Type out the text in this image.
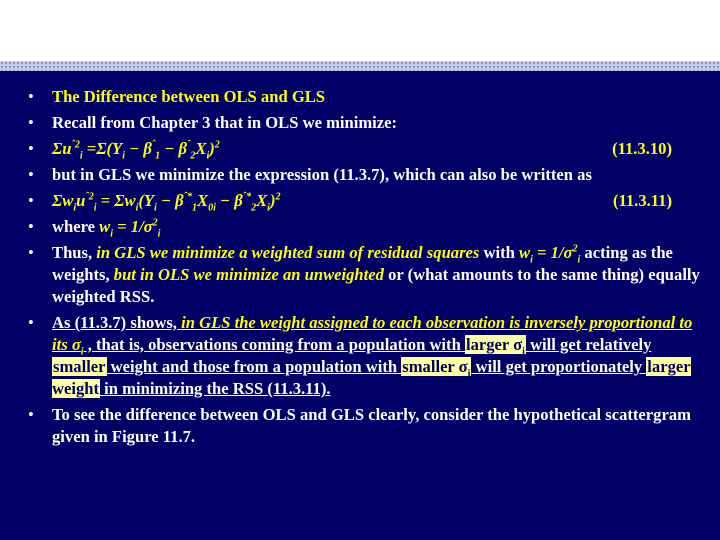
• The Difference between OLS and GLS
• Recall from Chapter 3 that in OLS we minimize:
• $\Sigma u^{ˆ2}_i =\Sigma(Y_i - \beta^ˆ_1 - \beta^ˆ_2X_i)^2$	(11.3.10)
• but in GLS we minimize the expression (11.3.7), which can also be written as
• $\Sigma w_iu^{ˆ2}_i = \Sigma w_i(Y_i - \beta^{ˆ*}_1X_{0i} - \beta^{ˆ*}_2X_i)^2$	(11.3.11)
• where $w_i = 1/\sigma^2_i$
• Thus, in GLS we minimize a weighted sum of residual squares with $w_i = 1/\sigma^2_i$ acting as the weights, but in OLS we minimize an unweighted or (what amounts to the same thing) equally weighted RSS.
• As (11.3.7) shows, in GLS the weight assigned to each observation is inversely proportional to its $\sigma_i$ , that is, observations coming from a population with larger $\sigma_i$ will get relatively smaller weight and those from a population with smaller $\sigma_i$ will get proportionately larger weight in minimizing the RSS (11.3.11).
• To see the difference between OLS and GLS clearly, consider the hypothetical scattergram given in Figure 11.7.
